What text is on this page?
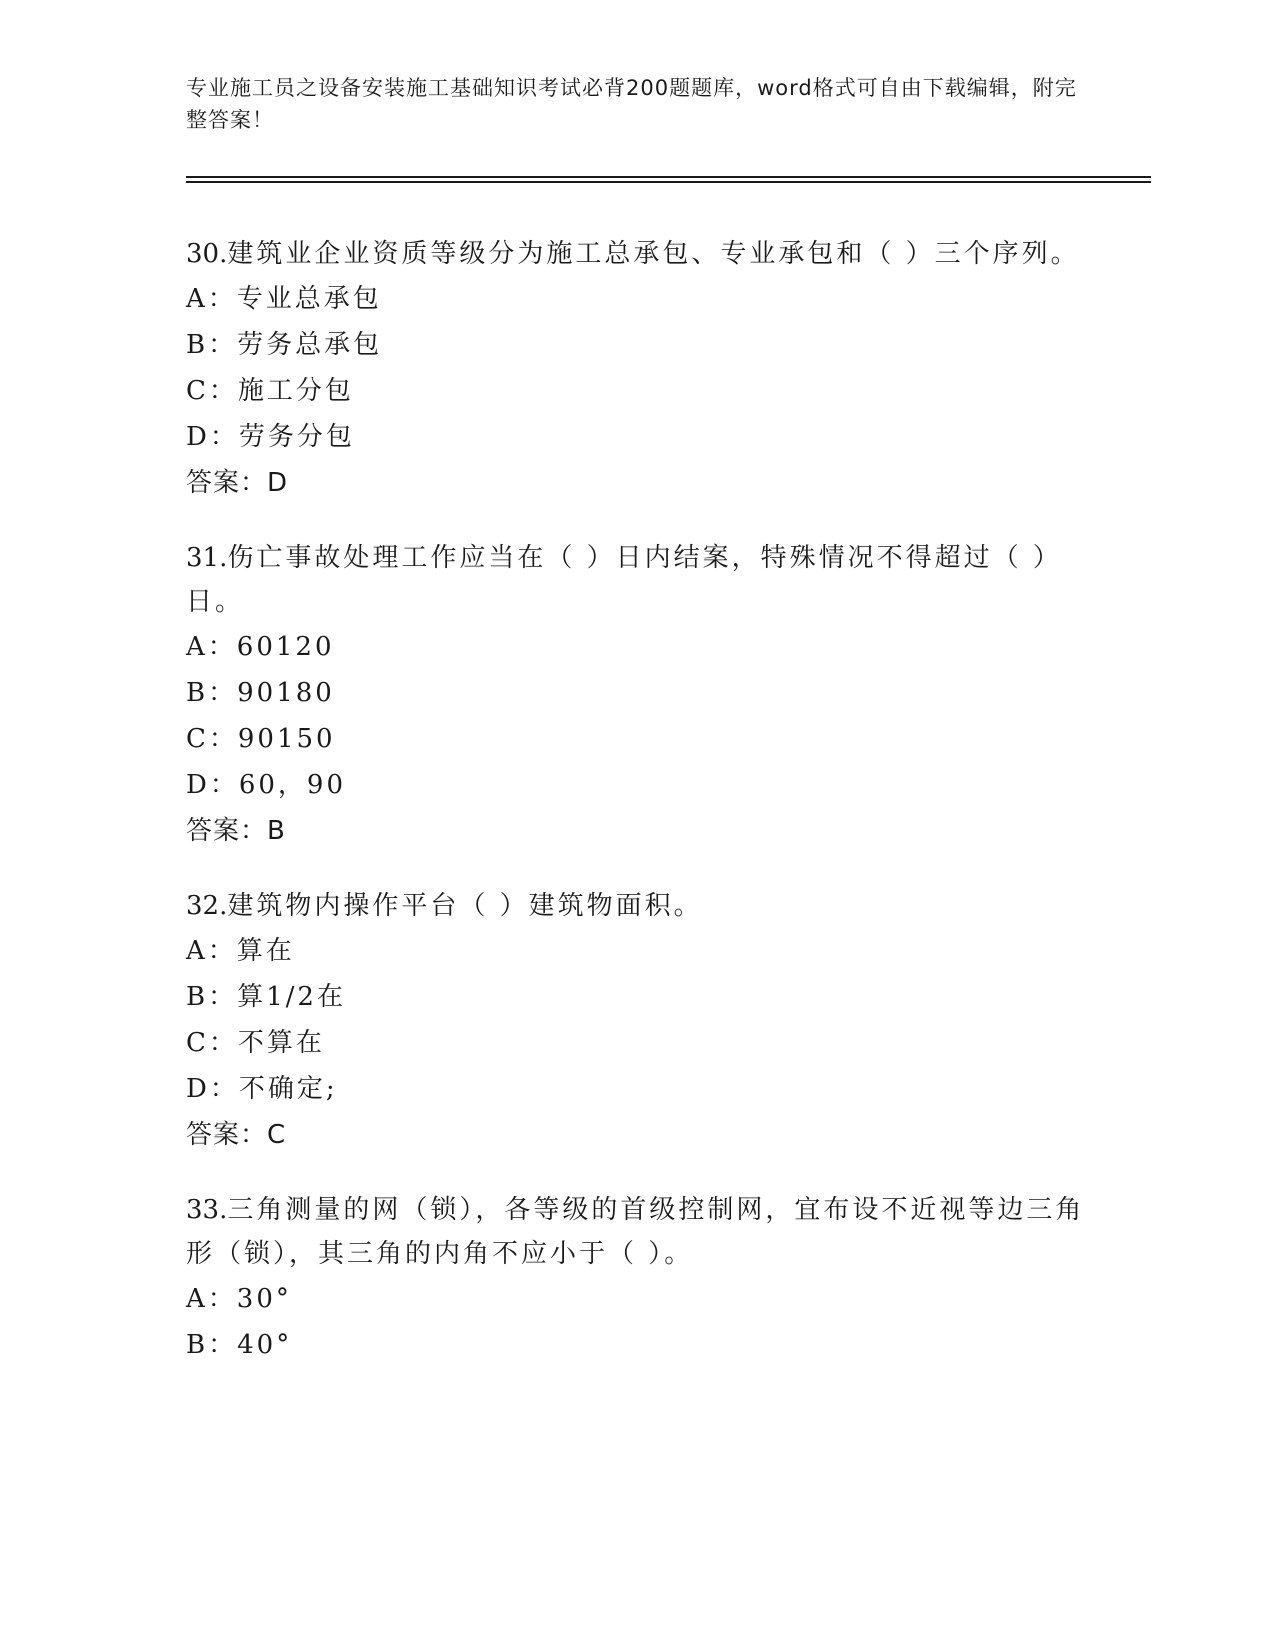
专业施工员之设备安装施工基础知识考试必背200题题库，word格式可自由下载编辑，附完整答案！
30.建筑业企业资质等级分为施工总承包、专业承包和（ ）三个序列。
A：专业总承包
B：劳务总承包
C：施工分包
D：劳务分包
答案：D
31.伤亡事故处理工作应当在（ ）日内结案，特殊情况不得超过（ ）日。
A：60120
B：90180
C：90150
D：60，90
答案：B
32.建筑物内操作平台（ ）建筑物面积。
A：算在
B：算1/2在
C：不算在
D：不确定;
答案：C
33.三角测量的网（锁），各等级的首级控制网，宜布设不近视等边三角形（锁），其三角的内角不应小于（ ）。
A：30°
B：40°
